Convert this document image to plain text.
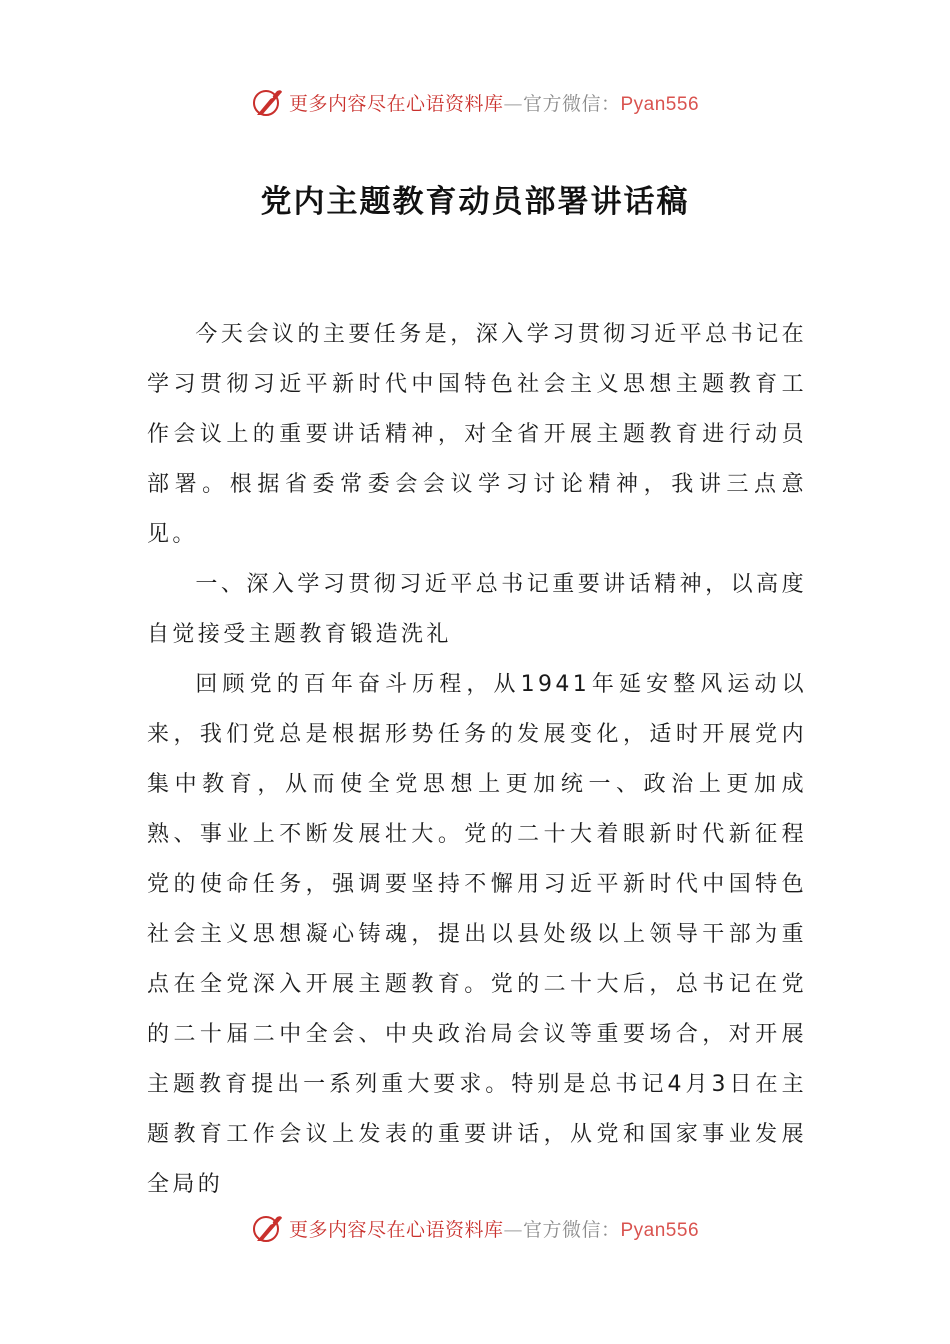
更多内容尽在心语资料库—官方微信：Pyan556
党内主题教育动员部署讲话稿

今天会议的主要任务是，深入学习贯彻习近平总书记在学习贯彻习近平新时代中国特色社会主义思想主题教育工作会议上的重要讲话精神，对全省开展主题教育进行动员部署。根据省委常委会会议学习讨论精神，我讲三点意见。

一、深入学习贯彻习近平总书记重要讲话精神，以高度自觉接受主题教育锻造洗礼

回顾党的百年奋斗历程，从1941年延安整风运动以来，我们党总是根据形势任务的发展变化，适时开展党内集中教育，从而使全党思想上更加统一、政治上更加成熟、事业上不断发展壮大。党的二十大着眼新时代新征程党的使命任务，强调要坚持不懈用习近平新时代中国特色社会主义思想凝心铸魂，提出以县处级以上领导干部为重点在全党深入开展主题教育。党的二十大后，总书记在党的二十届二中全会、中央政治局会议等重要场合，对开展主题教育提出一系列重大要求。特别是总书记4月3日在主题教育工作会议上发表的重要讲话，从党和国家事业发展全局的

更多内容尽在心语资料库—官方微信：Pyan556
